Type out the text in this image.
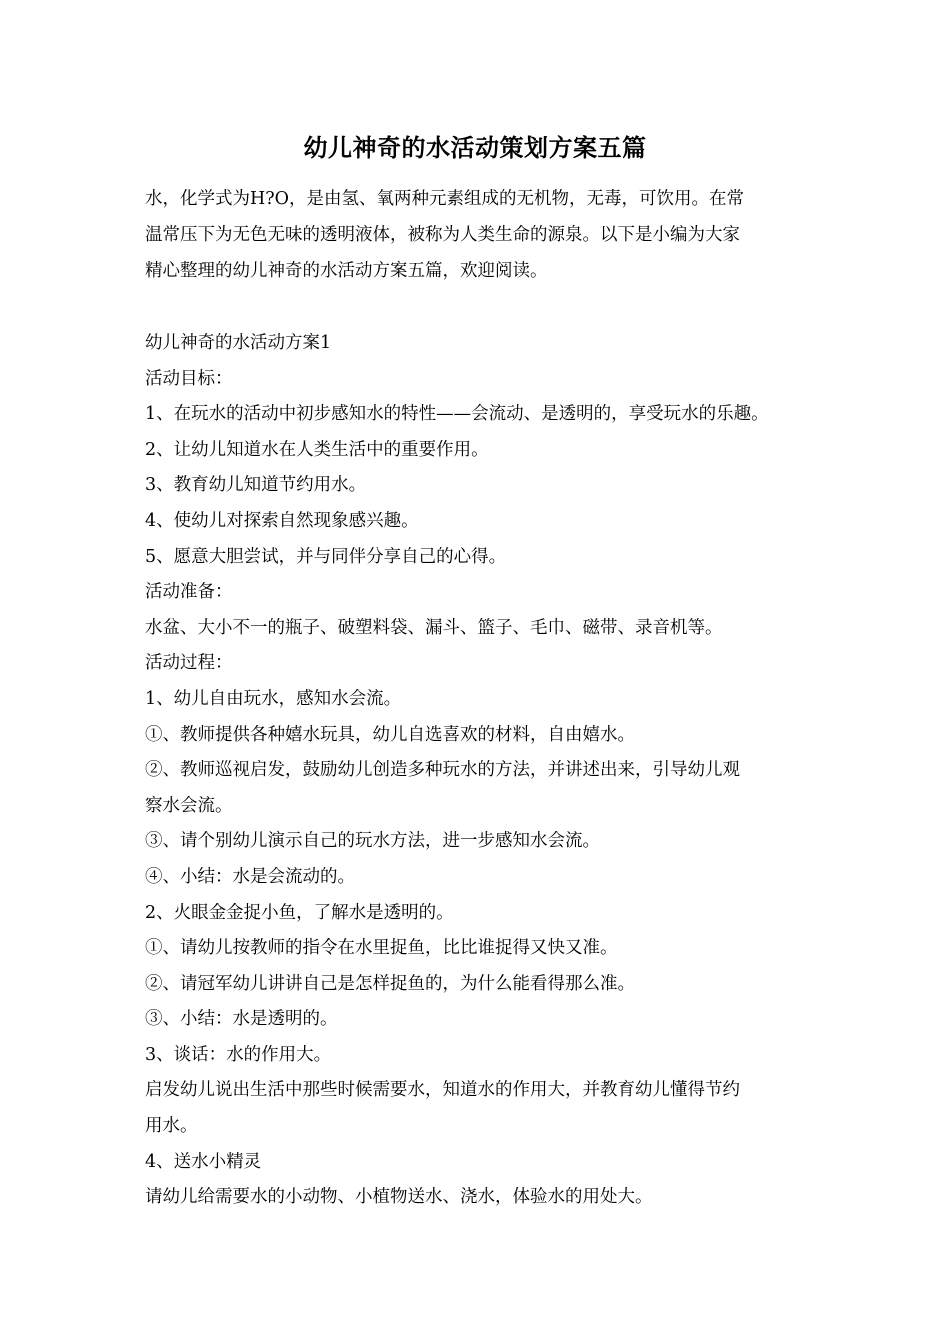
幼儿神奇的水活动策划方案五篇

水，化学式为H?O，是由氢、氧两种元素组成的无机物，无毒，可饮用。在常

温常压下为无色无味的透明液体，被称为人类生命的源泉。以下是小编为大家

精心整理的幼儿神奇的水活动方案五篇，欢迎阅读。

幼儿神奇的水活动方案1

活动目标：

1、在玩水的活动中初步感知水的特性——会流动、是透明的，享受玩水的乐趣。

2、让幼儿知道水在人类生活中的重要作用。

3、教育幼儿知道节约用水。

4、使幼儿对探索自然现象感兴趣。

5、愿意大胆尝试，并与同伴分享自己的心得。

活动准备：

水盆、大小不一的瓶子、破塑料袋、漏斗、篮子、毛巾、磁带、录音机等。

活动过程：

1、幼儿自由玩水，感知水会流。

①、教师提供各种嬉水玩具，幼儿自选喜欢的材料，自由嬉水。

②、教师巡视启发，鼓励幼儿创造多种玩水的方法，并讲述出来，引导幼儿观

察水会流。

③、请个别幼儿演示自己的玩水方法，进一步感知水会流。

④、小结：水是会流动的。

2、火眼金金捉小鱼，了解水是透明的。

①、请幼儿按教师的指令在水里捉鱼，比比谁捉得又快又准。

②、请冠军幼儿讲讲自己是怎样捉鱼的，为什么能看得那么准。

③、小结：水是透明的。

3、谈话：水的作用大。

启发幼儿说出生活中那些时候需要水，知道水的作用大，并教育幼儿懂得节约

用水。

4、送水小精灵

请幼儿给需要水的小动物、小植物送水、浇水，体验水的用处大。
